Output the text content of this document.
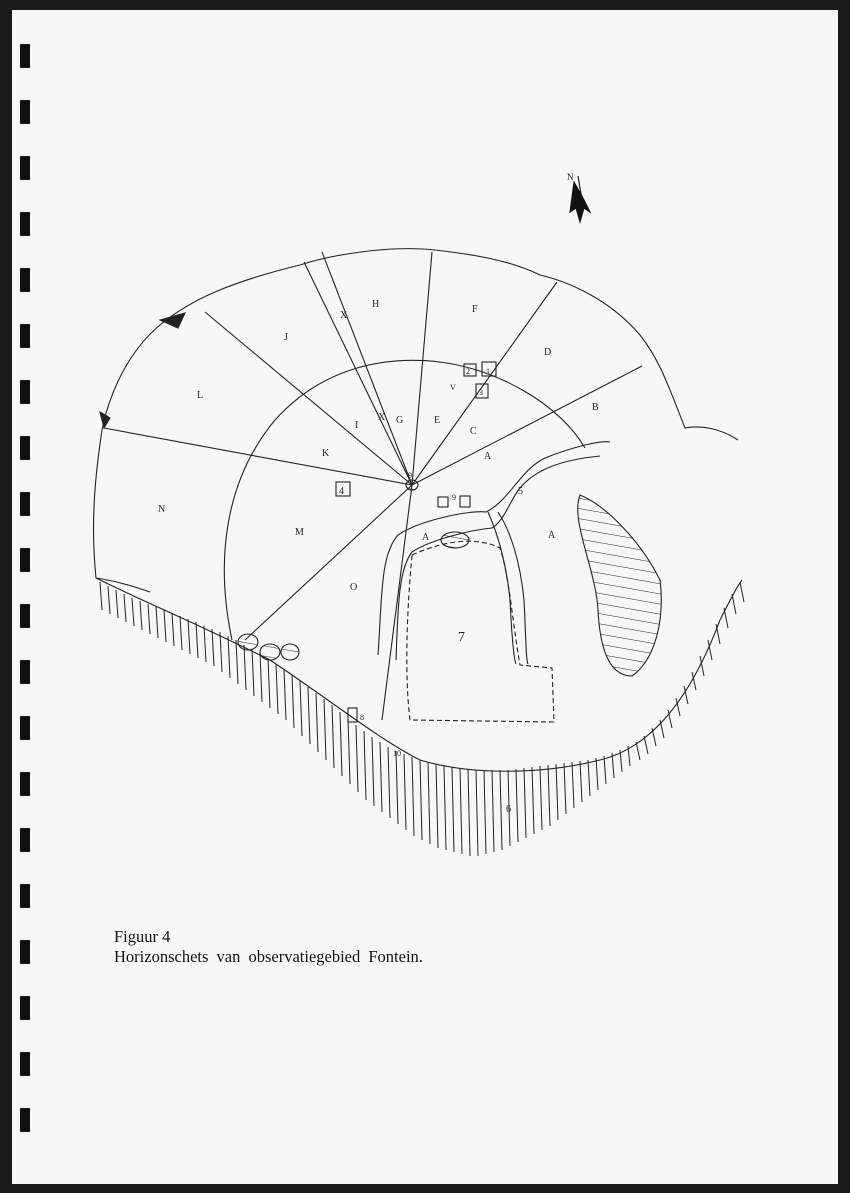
N
H	F
J
D
L
B
C
A
A	A
K
N
M
O
I	G	E
X
X
1
2
3
4	5
6
7
8
9
10
9
V
Figuur 4
Horizonschets van observatiegebied Fontein.
